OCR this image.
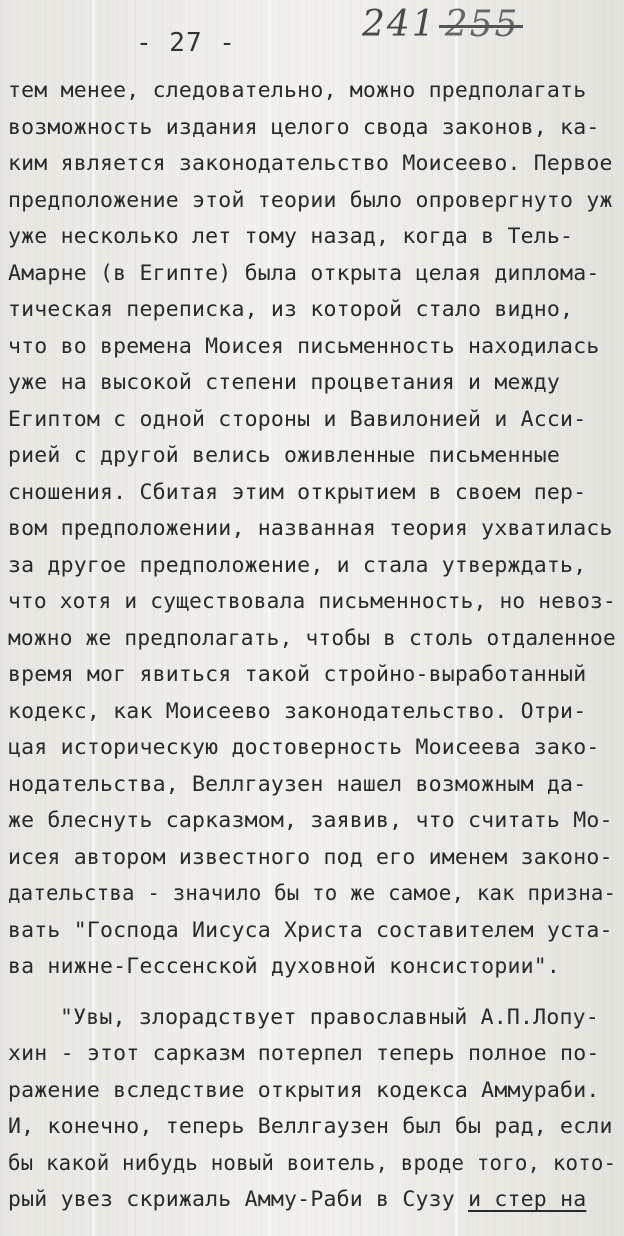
- 27 -	241 255
тем менее, следовательно, можно предполагать
возможность издания целого свода законов, ка-
ким является законодательство Моисеево. Первое
предположение этой теории было опровергнуто уж
уже несколько лет тому назад, когда в Тель-
Амарне (в Египте) была открыта целая диплома-
тическая переписка, из которой стало видно,
что во времена Моисея письменность находилась
уже на высокой степени процветания и между
Египтом с одной стороны и Вавилонией и Асси-
рией с другой велись оживленные письменные
сношения. Сбитая этим открытием в своем пер-
вом предположении, названная теория ухватилась
за другое предположение, и стала утверждать,
что хотя и существовала письменность, но невоз-
можно же предполагать, чтобы в столь отдаленное
время мог явиться такой стройно-выработанный
кодекс, как Моисеево законодательство. Отри-
цая историческую достоверность Моисеева зако-
нодательства, Веллгаузен нашел возможным да-
же блеснуть сарказмом, заявив, что считать Мо-
исея автором известного под его именем законо-
дательства - значило бы то же самое, как призна-
вать "Господа Иисуса Христа составителем уста-
ва нижне-Гессенской духовной консистории".
"Увы, злорадствует православный А.П.Лопу-
хин - этот сарказм потерпел теперь полное по-
ражение вследствие открытия кодекса Аммураби.
И, конечно, теперь Веллгаузен был бы рад, если
бы какой нибудь новый воитель, вроде того, кото-
рый увез скрижаль Амму-Раби в Сузу и стер на
